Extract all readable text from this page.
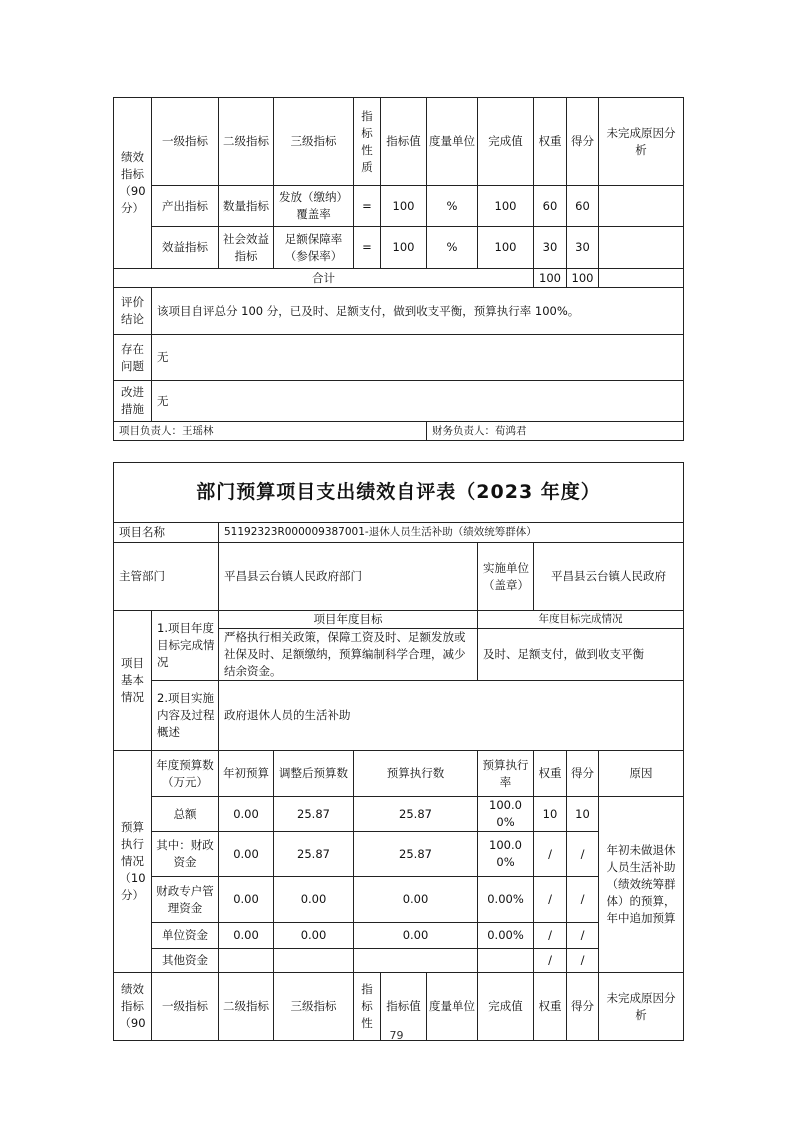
绩效指标（90分）	一级指标	二级指标	三级指标	指标性质	指标值	度量单位	完成值	权重	得分	未完成原因分析
	产出指标	数量指标	发放（缴纳）覆盖率	=	100	%	100	60	60	
	效益指标	社会效益指标	足额保障率（参保率）	=	100	%	100	30	30	
合计								100	100	
评价结论	该项目自评总分 100 分，已及时、足额支付，做到收支平衡，预算执行率 100%。									
存在问题	无									
改进措施	无									
项目负责人：王瑶林						财务负责人：荀鸿君				
部门预算项目支出绩效自评表（2023 年度）										
项目名称		51192323R000009387001-退休人员生活补助（绩效统筹群体）								
主管部门		平昌县云台镇人民政府部门					实施单位（盖章）	平昌县云台镇人民政府		
项目基本情况	1.项目年度目标完成情况	项目年度目标					年度目标完成情况			
		严格执行相关政策，保障工资及时、足额发放或社保及时、足额缴纳，预算编制科学合理，减少结余资金。					及时、足额支付，做到收支平衡			
	2.项目实施内容及过程概述	政府退休人员的生活补助								
预算执行情况（10分）	年度预算数（万元）	年初预算	调整后预算数	预算执行数			预算执行率	权重	得分	原因
	总额	0.00	25.87	25.87			100.00%	10	10	年初未做退休人员生活补助（绩效统筹群体）的预算，年中追加预算
	其中：财政资金	0.00	25.87	25.87			100.00%	/	/	
	财政专户管理资金	0.00	0.00	0.00			0.00%	/	/	
	单位资金	0.00	0.00	0.00			0.00%	/	/	
	其他资金							/	/	
绩效指标（90	一级指标	二级指标	三级指标	指标性	指标值	度量单位	完成值	权重	得分	未完成原因分析
79
